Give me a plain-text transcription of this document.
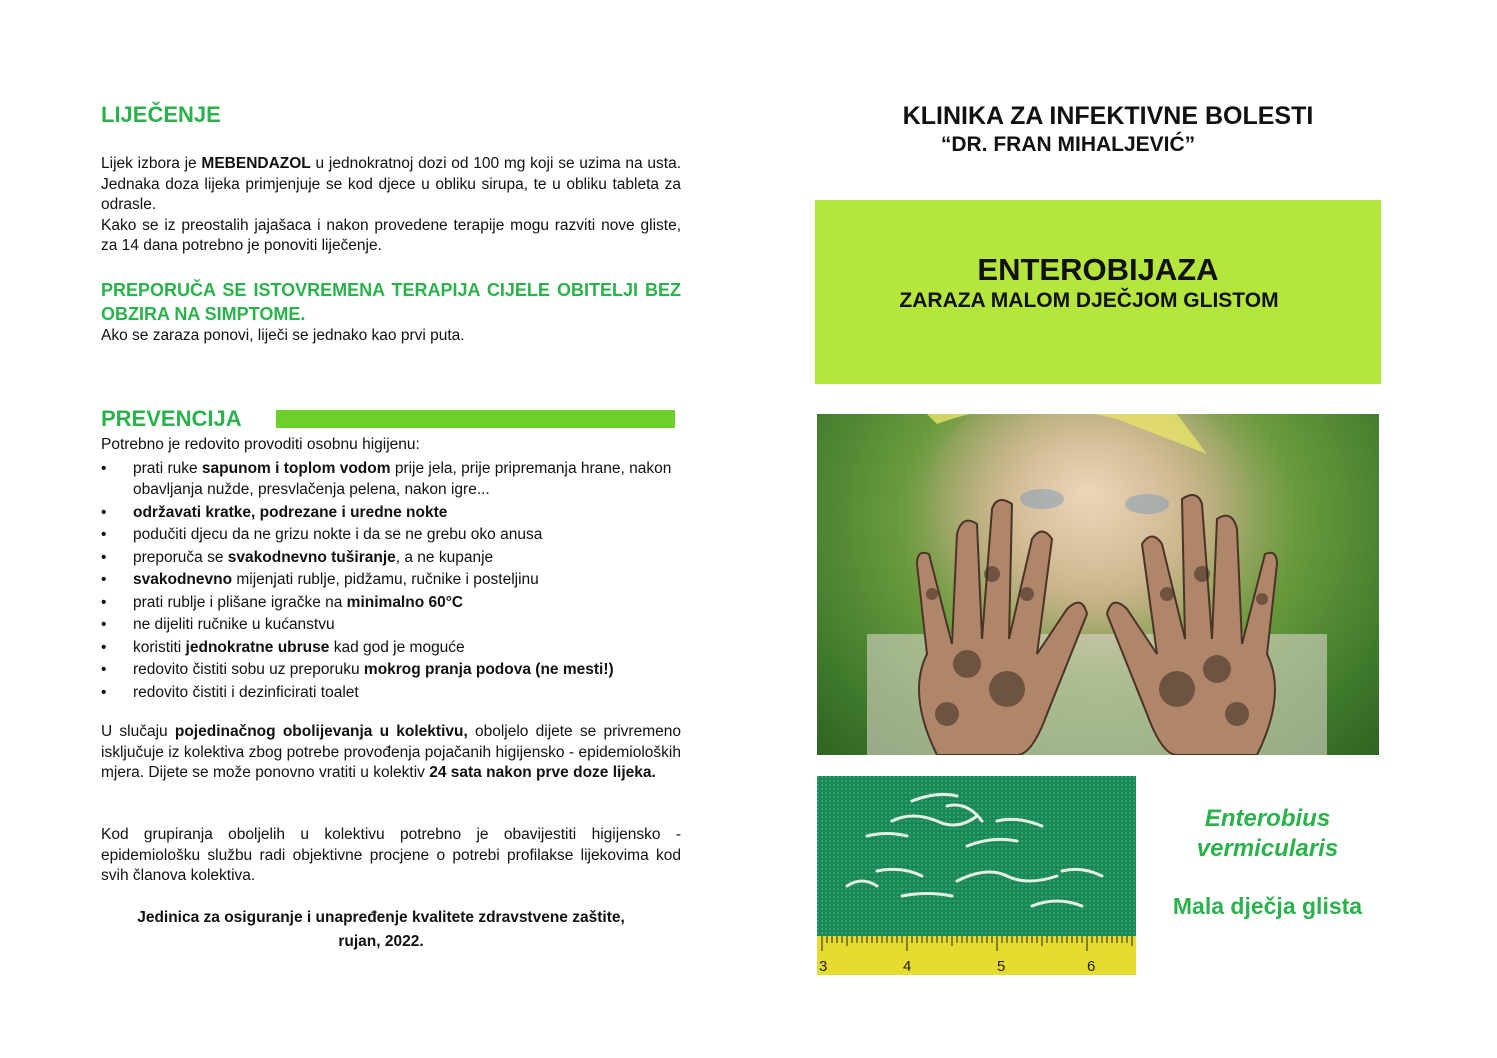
LIJEČENJE

Lijek izbora je MEBENDAZOL u jednokratnoj dozi od 100 mg koji se uzima na usta. Jednaka doza lijeka primjenjuje se kod djece u obliku sirupa, te u obliku tableta za odrasle.

Kako se iz preostalih jajašaca i nakon provedene terapije mogu razviti nove gliste, za 14 dana potrebno je ponoviti liječenje.

PREPORUČA SE ISTOVREMENA TERAPIJA CIJELE OBITELJI BEZ OBZIRA NA SIMPTOME.

Ako se zaraza ponovi, liječi se jednako kao prvi puta.

PREVENCIJA

Potrebno je redovito provoditi osobnu higijenu:

• prati ruke sapunom i toplom vodom prije jela, prije pripremanja hrane, nakon obavljanja nužde, presvlačenja pelena, nakon igre...
• održavati kratke, podrezane i uredne nokte
• podučiti djecu da ne grizu nokte i da se ne grebu oko anusa
• preporuča se svakodnevno tuširanje, a ne kupanje
• svakodnevno mijenjati rublje, pidžamu, ručnike i posteljinu
• prati rublje i plišane igračke na minimalno 60°C
• ne dijeliti ručnike u kućanstvu
• koristiti jednokratne ubruse kad god je moguće
• redovito čistiti sobu uz preporuku mokrog pranja podova (ne mesti!)
• redovito čistiti i dezinficirati toalet

U slučaju pojedinačnog obolijevanja u kolektivu, oboljelo dijete se privremeno isključuje iz kolektiva zbog potrebe provođenja pojačanih higijensko - epidemioloških mjera. Dijete se može ponovno vratiti u kolektiv 24 sata nakon prve doze lijeka.

Kod grupiranja oboljelih u kolektivu potrebno je obavijestiti higijensko - epidemiološku službu radi objektivne procjene o potrebi profilakse lijekovima kod svih članova kolektiva.

Jedinica za osiguranje i unapređenje kvalitete zdravstvene zaštite,
rujan, 2022.
KLINIKA ZA INFEKTIVNE BOLESTI
“DR. FRAN MIHALJEVIĆ”
ENTEROBIJAZA
ZARAZA MALOM DJEČJOM GLISTOM
3	4	5	6
Enterobius
vermicularis
Mala dječja glista
